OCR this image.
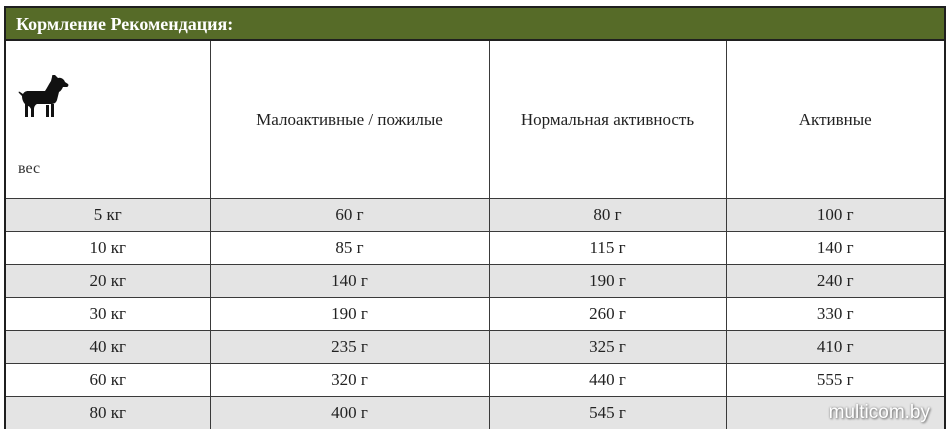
Кормление Рекомендация:
вес	Малоактивные / пожилые	Нормальная активность	Активные

5 кг	60 г	80 г	100 г
10 кг	85 г	115 г	140 г
20 кг	140 г	190 г	240 г
30 кг	190 г	260 г	330 г
40 кг	235 г	325 г	410 г
60 кг	320 г	440 г	555 г
80 кг	400 г	545 г		multicom.by
